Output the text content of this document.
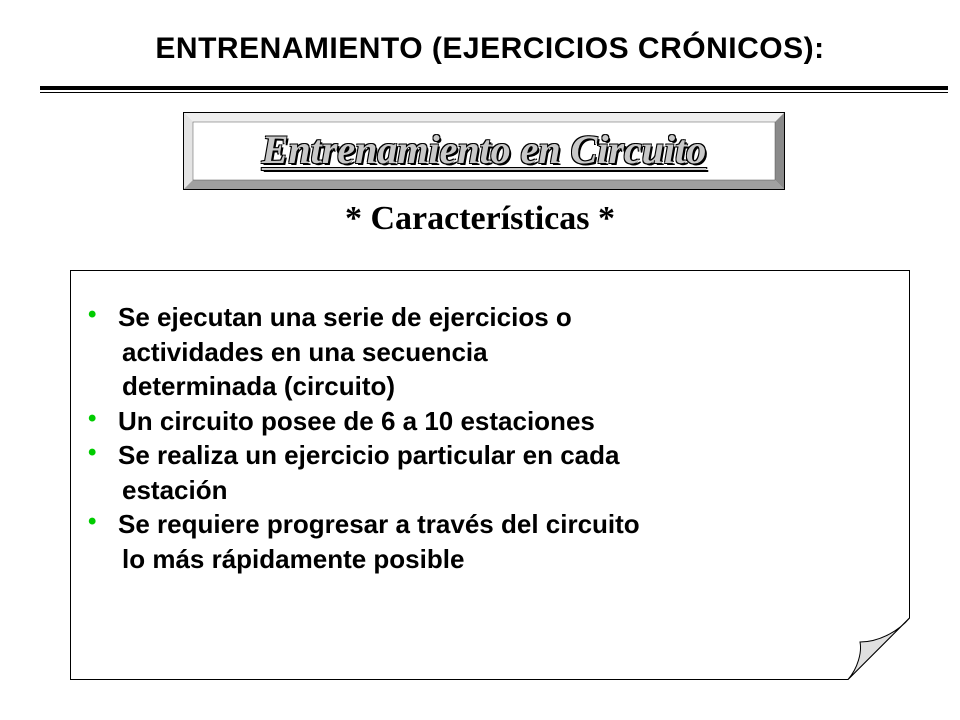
ENTRENAMIENTO (EJERCICIOS CRÓNICOS):
Entrenamiento en Circuito
* Características *
• Se ejecutan una serie de ejercicios o
actividades en una secuencia
determinada (circuito)
• Un circuito posee de 6 a 10 estaciones
• Se realiza un ejercicio particular en cada
estación
• Se requiere progresar a través del circuito
lo más rápidamente posible
